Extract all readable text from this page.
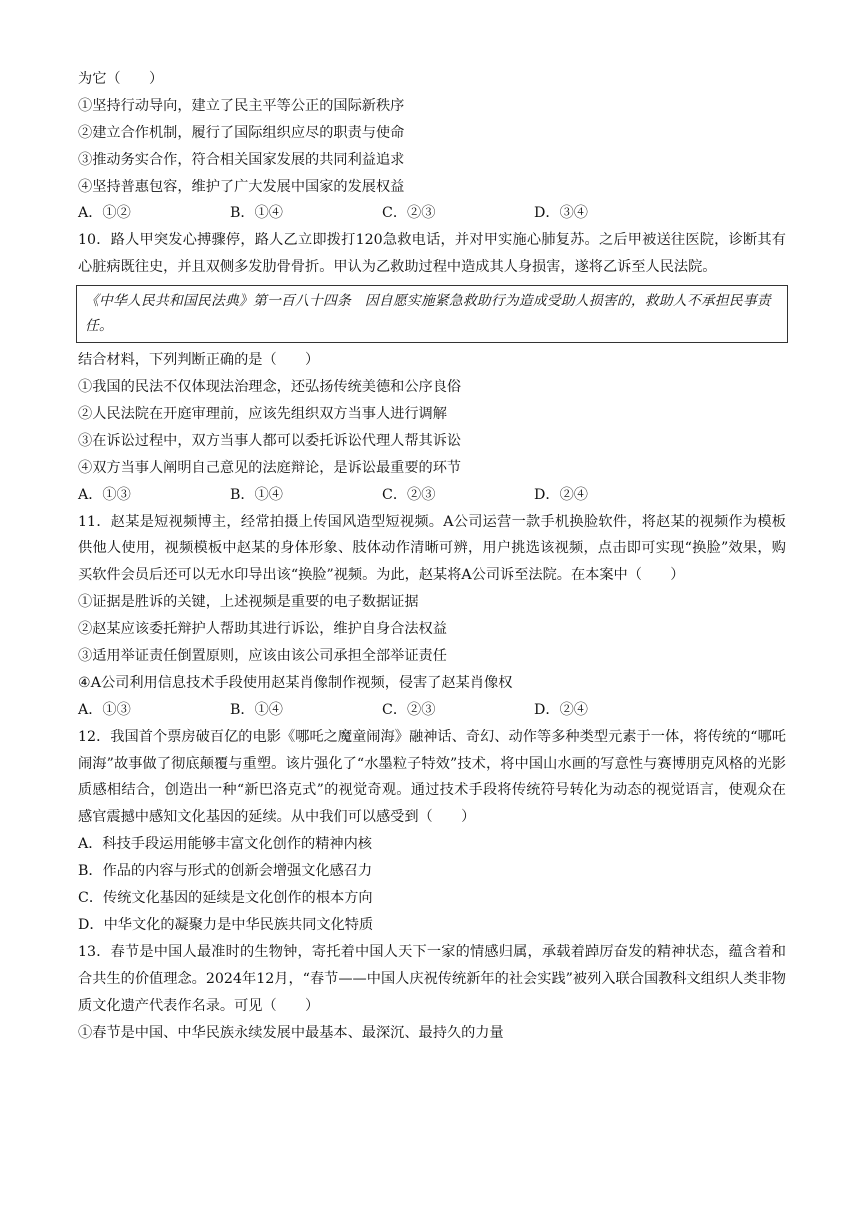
为它（　　）
①坚持行动导向，建立了民主平等公正的国际新秩序
②建立合作机制，履行了国际组织应尽的职责与使命
③推动务实合作，符合相关国家发展的共同利益追求
④坚持普惠包容，维护了广大发展中国家的发展权益
A．①②	B．①④	C．②③	D．③④
10．路人甲突发心搏骤停，路人乙立即拨打120急救电话，并对甲实施心肺复苏。之后甲被送往医院，诊断其有心脏病既往史，并且双侧多发肋骨骨折。甲认为乙救助过程中造成其人身损害，遂将乙诉至人民法院。
《中华人民共和国民法典》第一百八十四条　因自愿实施紧急救助行为造成受助人损害的，救助人不承担民事责任。
结合材料，下列判断正确的是（　　）
①我国的民法不仅体现法治理念，还弘扬传统美德和公序良俗
②人民法院在开庭审理前，应该先组织双方当事人进行调解
③在诉讼过程中，双方当事人都可以委托诉讼代理人帮其诉讼
④双方当事人阐明自己意见的法庭辩论，是诉讼最重要的环节
A．①③	B．①④	C．②③	D．②④
11．赵某是短视频博主，经常拍摄上传国风造型短视频。A公司运营一款手机换脸软件，将赵某的视频作为模板供他人使用，视频模板中赵某的身体形象、肢体动作清晰可辨，用户挑选该视频，点击即可实现“换脸”效果，购买软件会员后还可以无水印导出该“换脸”视频。为此，赵某将A公司诉至法院。在本案中（　　）
①证据是胜诉的关键，上述视频是重要的电子数据证据
②赵某应该委托辩护人帮助其进行诉讼，维护自身合法权益
③适用举证责任倒置原则，应该由该公司承担全部举证责任
④A公司利用信息技术手段使用赵某肖像制作视频，侵害了赵某肖像权
A．①③	B．①④	C．②③	D．②④
12．我国首个票房破百亿的电影《哪吒之魔童闹海》融神话、奇幻、动作等多种类型元素于一体，将传统的“哪吒闹海”故事做了彻底颠覆与重塑。该片强化了“水墨粒子特效”技术，将中国山水画的写意性与赛博朋克风格的光影质感相结合，创造出一种“新巴洛克式”的视觉奇观。通过技术手段将传统符号转化为动态的视觉语言，使观众在感官震撼中感知文化基因的延续。从中我们可以感受到（　　）
A．科技手段运用能够丰富文化创作的精神内核
B．作品的内容与形式的创新会增强文化感召力
C．传统文化基因的延续是文化创作的根本方向
D．中华文化的凝聚力是中华民族共同文化特质
13．春节是中国人最准时的生物钟，寄托着中国人天下一家的情感归属，承载着踔厉奋发的精神状态，蕴含着和合共生的价值理念。2024年12月，“春节——中国人庆祝传统新年的社会实践”被列入联合国教科文组织人类非物质文化遗产代表作名录。可见（　　）
①春节是中国、中华民族永续发展中最基本、最深沉、最持久的力量
